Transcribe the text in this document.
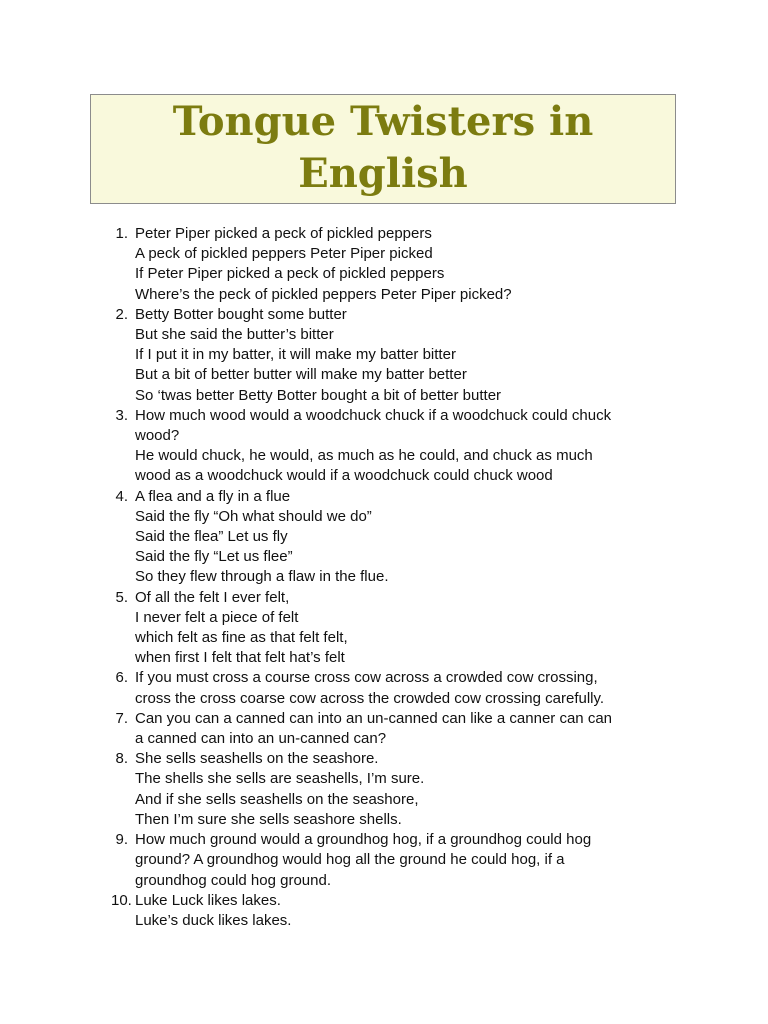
Tongue Twisters in
English
1. Peter Piper picked a peck of pickled peppers
A peck of pickled peppers Peter Piper picked
If Peter Piper picked a peck of pickled peppers
Where’s the peck of pickled peppers Peter Piper picked?
2. Betty Botter bought some butter
But she said the butter’s bitter
If I put it in my batter, it will make my batter bitter
But a bit of better butter will make my batter better
So ‘twas better Betty Botter bought a bit of better butter
3. How much wood would a woodchuck chuck if a woodchuck could chuck
wood?
He would chuck, he would, as much as he could, and chuck as much
wood as a woodchuck would if a woodchuck could chuck wood
4. A flea and a fly in a flue
Said the fly “Oh what should we do”
Said the flea” Let us fly
Said the fly “Let us flee”
So they flew through a flaw in the flue.
5. Of all the felt I ever felt,
I never felt a piece of felt
which felt as fine as that felt felt,
when first I felt that felt hat’s felt
6. If you must cross a course cross cow across a crowded cow crossing,
cross the cross coarse cow across the crowded cow crossing carefully.
7. Can you can a canned can into an un-canned can like a canner can can
a canned can into an un-canned can?
8. She sells seashells on the seashore.
The shells she sells are seashells, I’m sure.
And if she sells seashells on the seashore,
Then I’m sure she sells seashore shells.
9. How much ground would a groundhog hog, if a groundhog could hog
ground? A groundhog would hog all the ground he could hog, if a
groundhog could hog ground.
10. Luke Luck likes lakes.
Luke’s duck likes lakes.
